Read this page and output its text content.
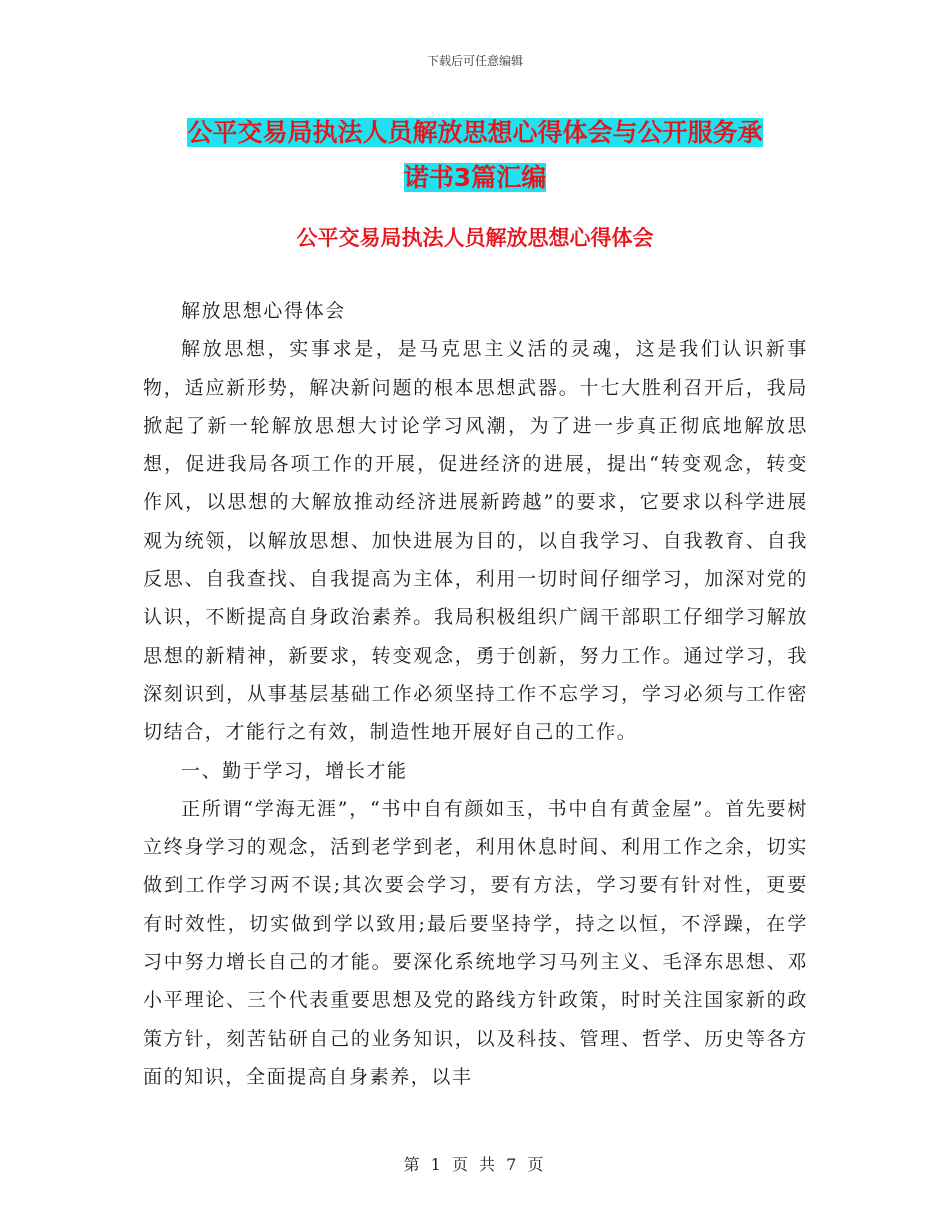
下载后可任意编辑
公平交易局执法人员解放思想心得体会与公开服务承
诺书3篇汇编
公平交易局执法人员解放思想心得体会

解放思想心得体会

解放思想，实事求是，是马克思主义活的灵魂，这是我们认识新事物，适应新形势，解决新问题的根本思想武器。十七大胜利召开后，我局掀起了新一轮解放思想大讨论学习风潮，为了进一步真正彻底地解放思想，促进我局各项工作的开展，促进经济的进展，提出“转变观念，转变作风，以思想的大解放推动经济进展新跨越”的要求，它要求以科学进展观为统领，以解放思想、加快进展为目的，以自我学习、自我教育、自我反思、自我查找、自我提高为主体，利用一切时间仔细学习，加深对党的认识，不断提高自身政治素养。我局积极组织广阔干部职工仔细学习解放思想的新精神，新要求，转变观念，勇于创新，努力工作。通过学习，我深刻识到，从事基层基础工作必须坚持工作不忘学习，学习必须与工作密切结合，才能行之有效，制造性地开展好自己的工作。

一、勤于学习，增长才能

正所谓“学海无涯”，“书中自有颜如玉，书中自有黄金屋”。首先要树立终身学习的观念，活到老学到老，利用休息时间、利用工作之余，切实做到工作学习两不误;其次要会学习，要有方法，学习要有针对性，更要有时效性，切实做到学以致用;最后要坚持学，持之以恒，不浮躁，在学习中努力增长自己的才能。要深化系统地学习马列主义、毛泽东思想、邓小平理论、三个代表重要思想及党的路线方针政策，时时关注国家新的政策方针，刻苦钻研自己的业务知识，以及科技、管理、哲学、历史等各方面的知识，全面提高自身素养，以丰

第 1 页 共 7 页
